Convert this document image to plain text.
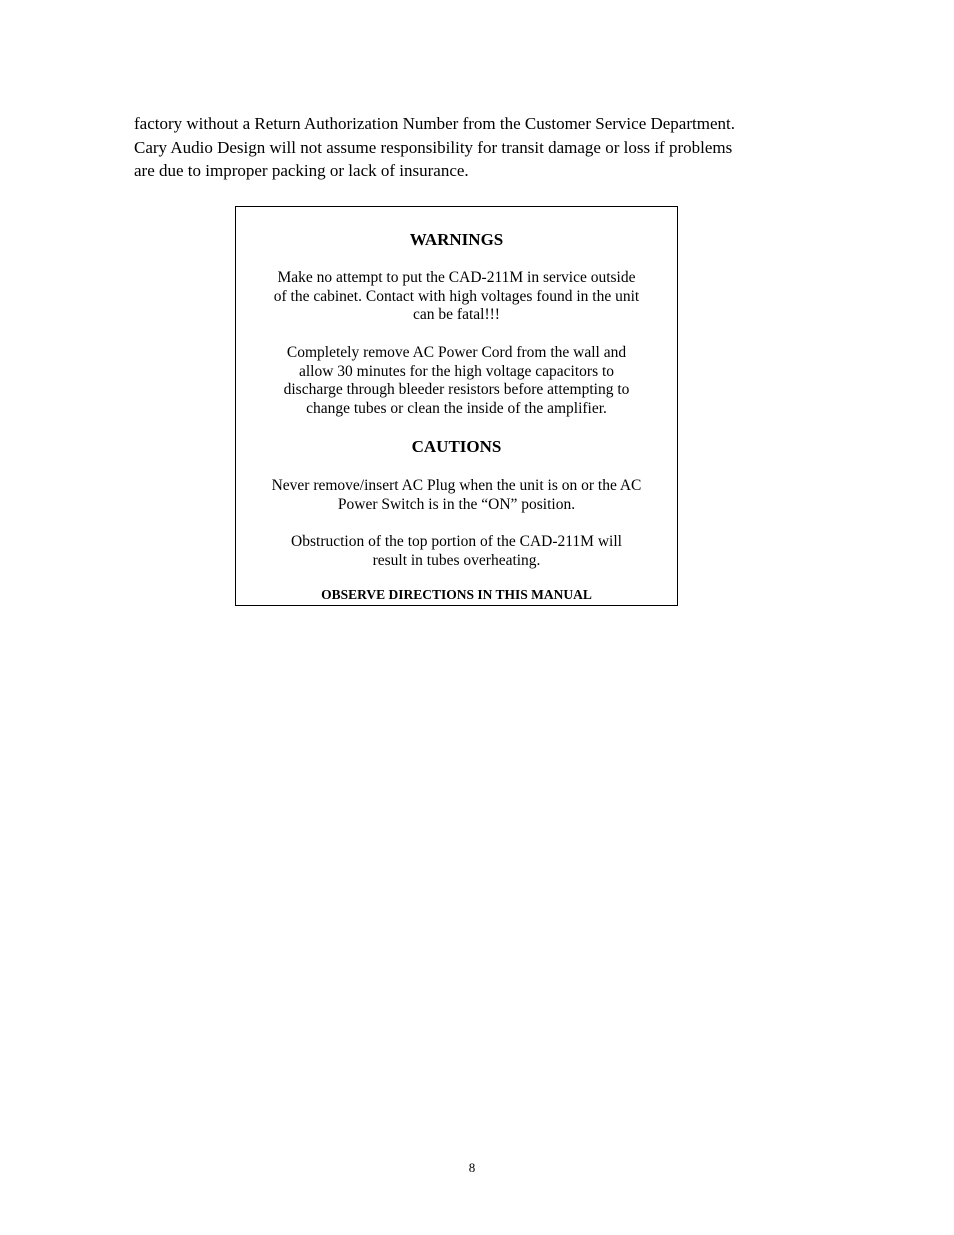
factory without a Return Authorization Number from the Customer Service Department.
Cary Audio Design will not assume responsibility for transit damage or loss if problems
are due to improper packing or lack of insurance.

WARNINGS

Make no attempt to put the CAD-211M in service outside
of the cabinet. Contact with high voltages found in the unit
can be fatal!!!

Completely remove AC Power Cord from the wall and
allow 30 minutes for the high voltage capacitors to
discharge through bleeder resistors before attempting to
change tubes or clean the inside of the amplifier.

CAUTIONS

Never remove/insert AC Plug when the unit is on or the AC
Power Switch is in the “ON” position.

Obstruction of the top portion of the CAD-211M will
result in tubes overheating.

OBSERVE DIRECTIONS IN THIS MANUAL

8
